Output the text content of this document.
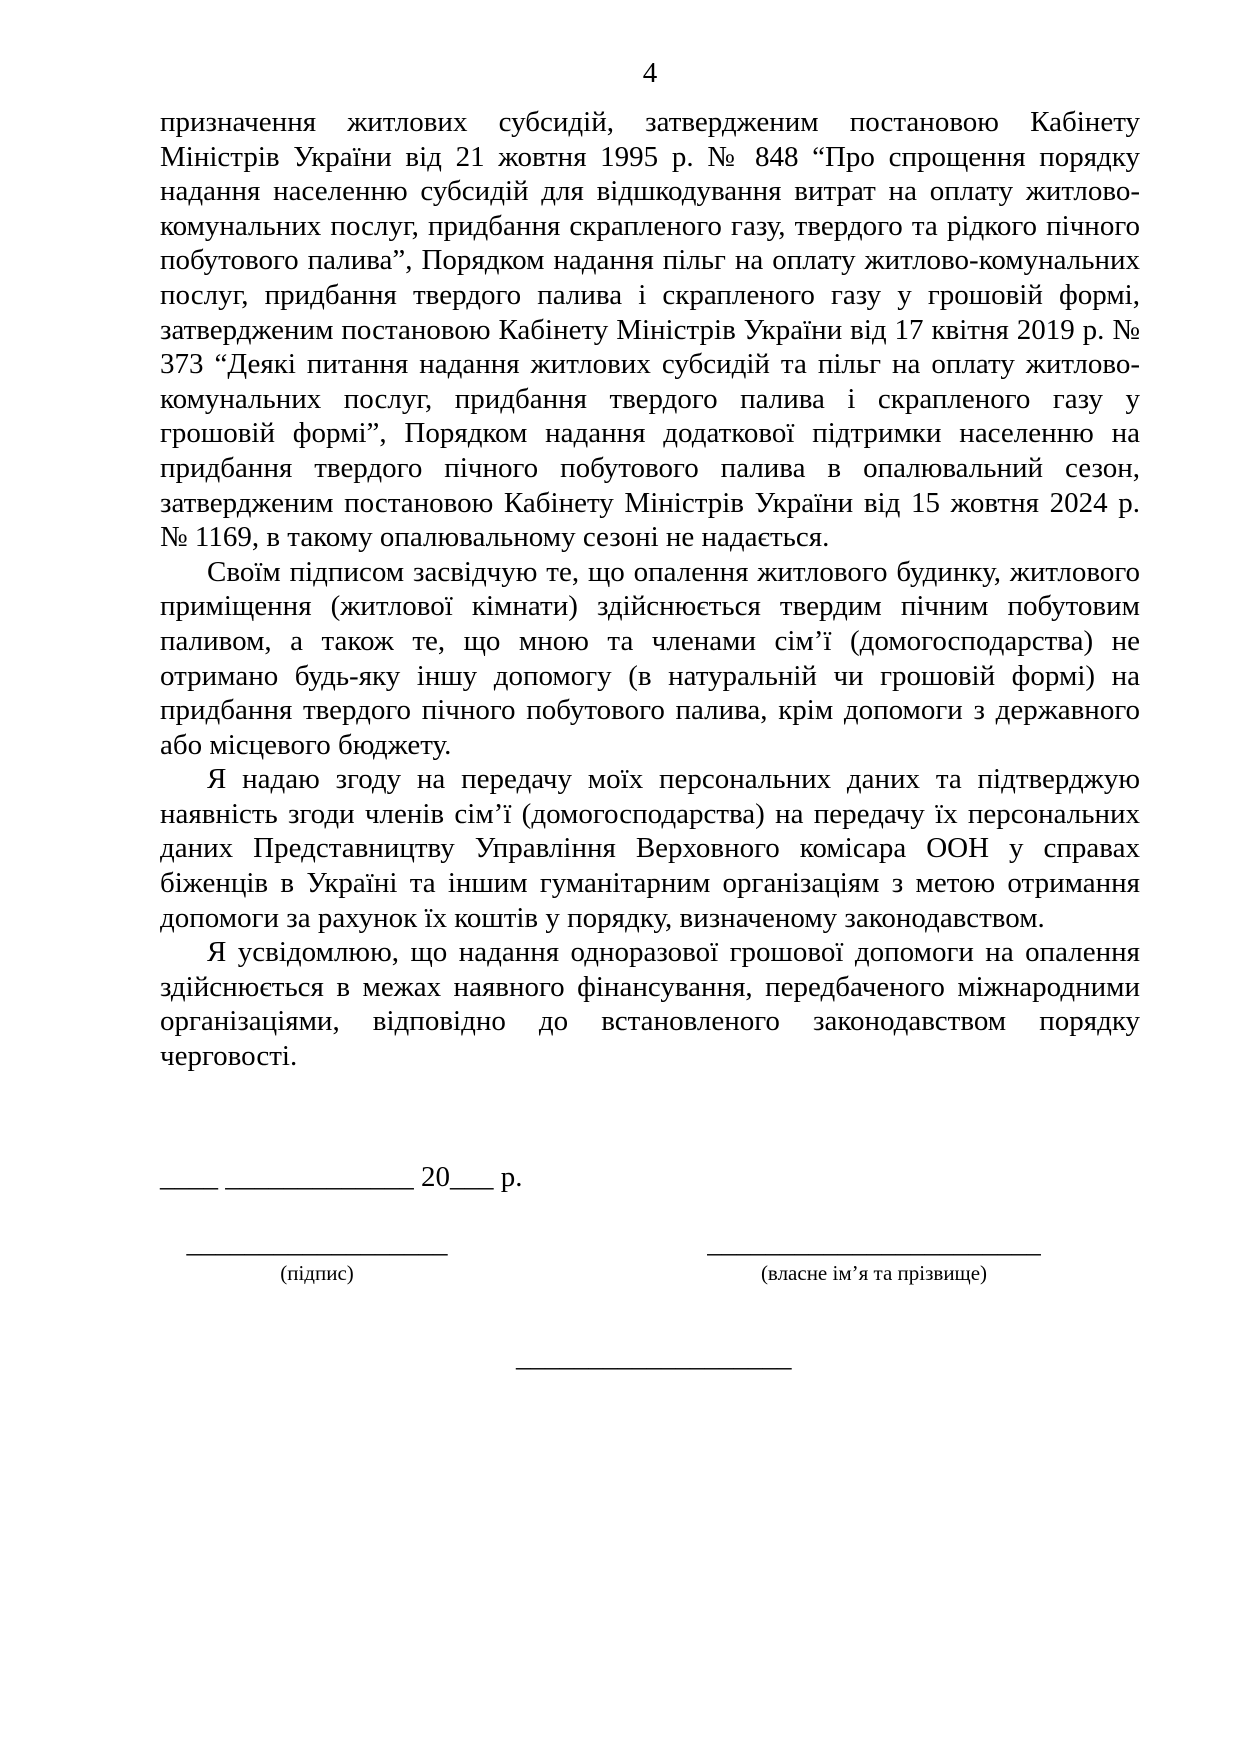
4

призначення житлових субсидій, затвердженим постановою Кабінету Міністрів України від 21 жовтня 1995 р. № 848 “Про спрощення порядку надання населенню субсидій для відшкодування витрат на оплату житлово-комунальних послуг, придбання скрапленого газу, твердого та рідкого пічного побутового палива”, Порядком надання пільг на оплату житлово-комунальних послуг, придбання твердого палива і скрапленого газу у грошовій формі, затвердженим постановою Кабінету Міністрів України від 17 квітня 2019 р. № 373 “Деякі питання надання житлових субсидій та пільг на оплату житлово-комунальних послуг, придбання твердого палива і скрапленого газу у грошовій формі”, Порядком надання додаткової підтримки населенню на придбання твердого пічного побутового палива в опалювальний сезон, затвердженим постановою Кабінету Міністрів України від 15 жовтня 2024 р. № 1169, в такому опалювальному сезоні не надається.

Своїм підписом засвідчую те, що опалення житлового будинку, житлового приміщення (житлової кімнати) здійснюється твердим пічним побутовим паливом, а також те, що мною та членами сім’ї (домогосподарства) не отримано будь-яку іншу допомогу (в натуральній чи грошовій формі) на придбання твердого пічного побутового палива, крім допомоги з державного або місцевого бюджету.

Я надаю згоду на передачу моїх персональних даних та підтверджую наявність згоди членів сім’ї (домогосподарства) на передачу їх персональних даних Представництву Управління Верховного комісара ООН у справах біженців в Україні та іншим гуманітарним організаціям з метою отримання допомоги за рахунок їх коштів у порядку, визначеному законодавством.

Я усвідомлюю, що надання одноразової грошової допомоги на опалення здійснюється в межах наявного фінансування, передбаченого міжнародними організаціями, відповідно до встановленого законодавством порядку черговості.

____ _____________ 20___ р.
__________________
(підпис)
_______________________
(власне ім’я та прізвище)
___________________
